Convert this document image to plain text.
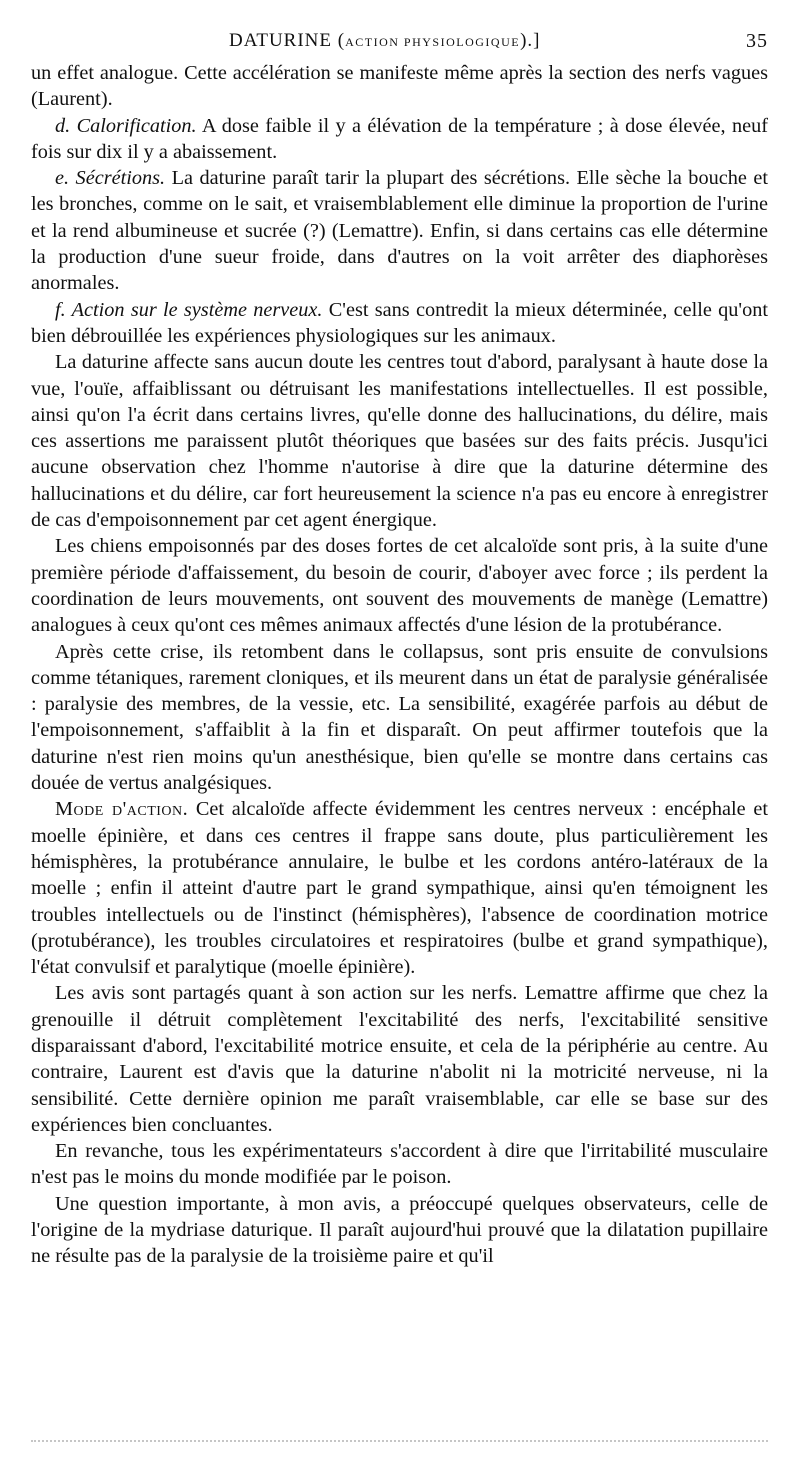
DATURINE (ACTION PHYSIOLOGIQUE).]	35

un effet analogue. Cette accélération se manifeste même après la section des nerfs vagues (Laurent).

d. Calorification. A dose faible il y a élévation de la température ; à dose élevée, neuf fois sur dix il y a abaissement.

e. Sécrétions. La daturine paraît tarir la plupart des sécrétions. Elle sèche la bouche et les bronches, comme on le sait, et vraisemblablement elle diminue la proportion de l'urine et la rend albumineuse et sucrée (?) (Lemattre). Enfin, si dans certains cas elle détermine la production d'une sueur froide, dans d'autres on la voit arrêter des diaphorèses anormales.

f. Action sur le système nerveux. C'est sans contredit la mieux déterminée, celle qu'ont bien débrouillée les expériences physiologiques sur les animaux.

La daturine affecte sans aucun doute les centres tout d'abord, paralysant à haute dose la vue, l'ouïe, affaiblissant ou détruisant les manifestations intellectuelles. Il est possible, ainsi qu'on l'a écrit dans certains livres, qu'elle donne des hallucinations, du délire, mais ces assertions me paraissent plutôt théoriques que basées sur des faits précis. Jusqu'ici aucune observation chez l'homme n'autorise à dire que la daturine détermine des hallucinations et du délire, car fort heureusement la science n'a pas eu encore à enregistrer de cas d'empoisonnement par cet agent énergique.

Les chiens empoisonnés par des doses fortes de cet alcaloïde sont pris, à la suite d'une première période d'affaissement, du besoin de courir, d'aboyer avec force ; ils perdent la coordination de leurs mouvements, ont souvent des mouvements de manège (Lemattre) analogues à ceux qu'ont ces mêmes animaux affectés d'une lésion de la protubérance.

Après cette crise, ils retombent dans le collapsus, sont pris ensuite de convulsions comme tétaniques, rarement cloniques, et ils meurent dans un état de paralysie généralisée : paralysie des membres, de la vessie, etc. La sensibilité, exagérée parfois au début de l'empoisonnement, s'affaiblit à la fin et disparaît. On peut affirmer toutefois que la daturine n'est rien moins qu'un anesthésique, bien qu'elle se montre dans certains cas douée de vertus analgésiques.

Mode d'action. Cet alcaloïde affecte évidemment les centres nerveux : encéphale et moelle épinière, et dans ces centres il frappe sans doute, plus particulièrement les hémisphères, la protubérance annulaire, le bulbe et les cordons antéro-latéraux de la moelle ; enfin il atteint d'autre part le grand sympathique, ainsi qu'en témoignent les troubles intellectuels ou de l'instinct (hémisphères), l'absence de coordination motrice (protubérance), les troubles circulatoires et respiratoires (bulbe et grand sympathique), l'état convulsif et paralytique (moelle épinière).

Les avis sont partagés quant à son action sur les nerfs. Lemattre affirme que chez la grenouille il détruit complètement l'excitabilité des nerfs, l'excitabilité sensitive disparaissant d'abord, l'excitabilité motrice ensuite, et cela de la périphérie au centre. Au contraire, Laurent est d'avis que la daturine n'abolit ni la motricité nerveuse, ni la sensibilité. Cette dernière opinion me paraît vraisemblable, car elle se base sur des expériences bien concluantes.

En revanche, tous les expérimentateurs s'accordent à dire que l'irritabilité musculaire n'est pas le moins du monde modifiée par le poison.

Une question importante, à mon avis, a préoccupé quelques observateurs, celle de l'origine de la mydriase daturique. Il paraît aujourd'hui prouvé que la dilatation pupillaire ne résulte pas de la paralysie de la troisième paire et qu'il
